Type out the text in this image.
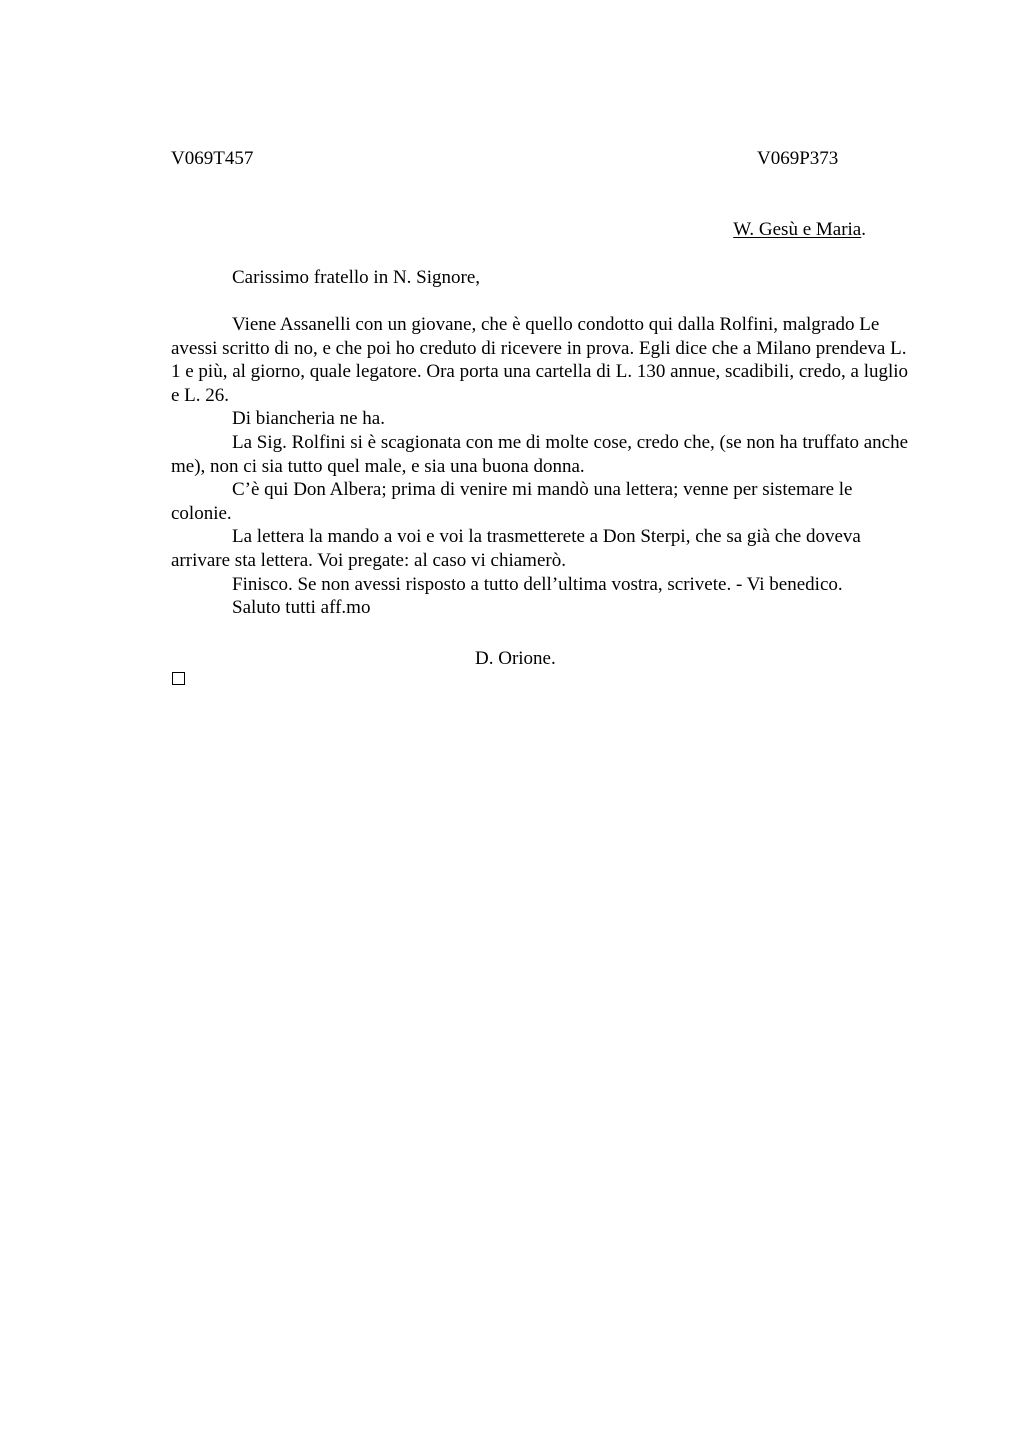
V069T457	V069P373
W. Gesù e Maria.
Carissimo fratello in N. Signore,

Viene Assanelli con un giovane, che è quello condotto qui dalla Rolfini, malgrado Le avessi scritto di no, e che poi ho creduto di ricevere in prova. Egli dice che a Milano prendeva L. 1 e più, al giorno, quale legatore. Ora porta una cartella di L. 130 annue, scadibili, credo, a luglio e L. 26.

Di biancheria ne ha.

La Sig. Rolfini si è scagionata con me di molte cose, credo che, (se non ha truffato anche me), non ci sia tutto quel male, e sia una buona donna.

C’è qui Don Albera; prima di venire mi mandò una lettera; venne per sistemare le colonie.

La lettera la mando a voi e voi la trasmetterete a Don Sterpi, che sa già che doveva arrivare sta lettera. Voi pregate: al caso vi chiamerò.

Finisco. Se non avessi risposto a tutto dell’ultima vostra, scrivete. - Vi benedico.

Saluto tutti aff.mo

D. Orione.
